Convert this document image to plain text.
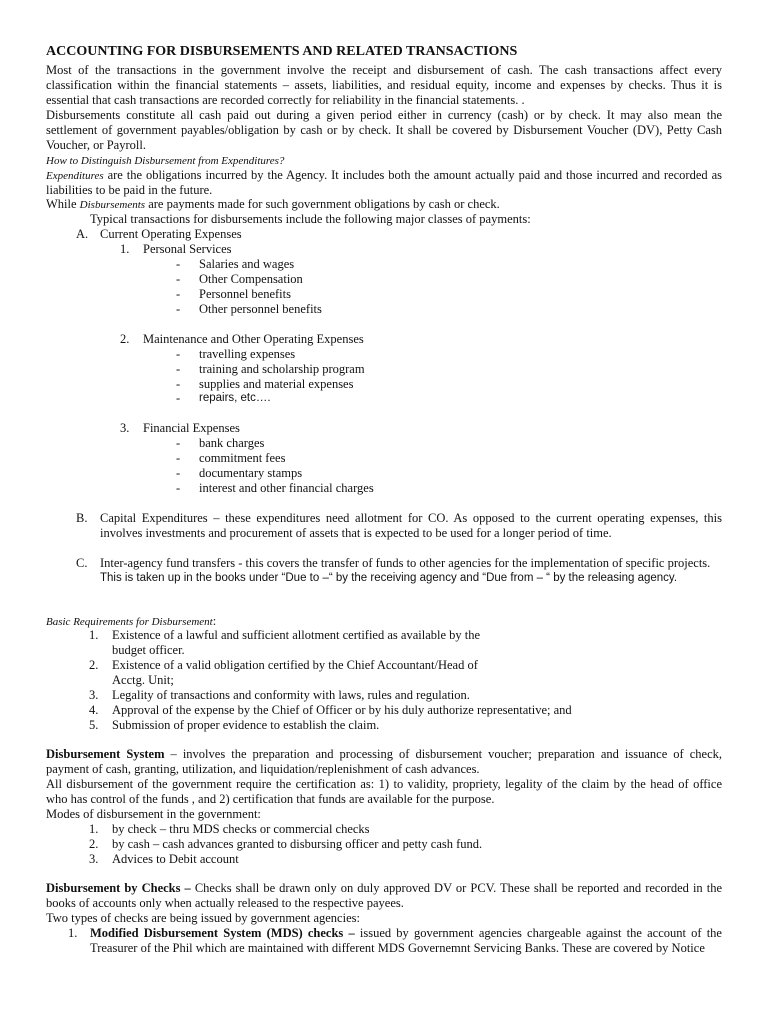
ACCOUNTING FOR DISBURSEMENTS AND RELATED TRANSACTIONS
Most of the transactions in the government involve the receipt and disbursement of cash. The cash transactions affect every
classification within the financial statements – assets, liabilities, and residual equity, income and expenses by checks. Thus it is
essential that cash transactions are recorded correctly for reliability in the financial statements. .
Disbursements constitute all cash paid out during a given period either in currency (cash) or by check. It may also mean the
settlement of government payables/obligation by cash or by check. It shall be covered by Disbursement Voucher (DV), Petty Cash
Voucher, or Payroll.
How to Distinguish Disbursement from Expenditures?
Expenditures are the obligations incurred by the Agency. It includes both the amount actually paid and those incurred and recorded as
liabilities to be paid in the future.
While Disbursements are payments made for such government obligations by cash or check.
Typical transactions for disbursements include the following major classes of payments:
A. Current Operating Expenses
1. Personal Services
- Salaries and wages
- Other Compensation
- Personnel benefits
- Other personnel benefits
2. Maintenance and Other Operating Expenses
- travelling expenses
- training and scholarship program
- supplies and material expenses
- repairs, etc….
3. Financial Expenses
- bank charges
- commitment fees
- documentary stamps
- interest and other financial charges
B. Capital Expenditures – these expenditures need allotment for CO. As opposed to the current operating expenses, this
involves investments and procurement of assets that is expected to be used for a longer period of time.
C. Inter-agency fund transfers - this covers the transfer of funds to other agencies for the implementation of specific projects.
This is taken up in the books under “Due to –“ by the receiving agency and “Due from – “ by the releasing agency.
Basic Requirements for Disbursement:
1. Existence of a lawful and sufficient allotment certified as available by the
budget officer.
2. Existence of a valid obligation certified by the Chief Accountant/Head of
Acctg. Unit;
3. Legality of transactions and conformity with laws, rules and regulation.
4. Approval of the expense by the Chief of Officer or by his duly authorize representative; and
5. Submission of proper evidence to establish the claim.
Disbursement System – involves the preparation and processing of disbursement voucher; preparation and issuance of check,
payment of cash, granting, utilization, and liquidation/replenishment of cash advances.
All disbursement of the government require the certification as: 1) to validity, propriety, legality of the claim by the head of office
who has control of the funds , and 2) certification that funds are available for the purpose.
Modes of disbursement in the government:
1. by check – thru MDS checks or commercial checks
2. by cash – cash advances granted to disbursing officer and petty cash fund.
3. Advices to Debit account
Disbursement by Checks – Checks shall be drawn only on duly approved DV or PCV. These shall be reported and recorded in the
books of accounts only when actually released to the respective payees.
Two types of checks are being issued by government agencies:
1. Modified Disbursement System (MDS) checks – issued by government agencies chargeable against the account of the
Treasurer of the Phil which are maintained with different MDS Governemnt Servicing Banks. These are covered by Notice
